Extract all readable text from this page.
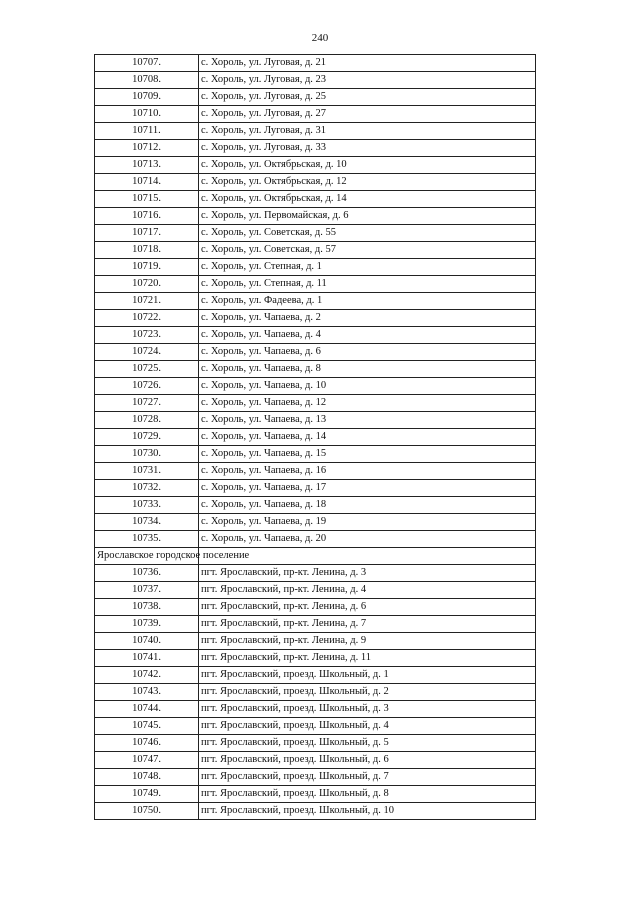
240
10707.	с. Хороль, ул. Луговая, д. 21
10708.	с. Хороль, ул. Луговая, д. 23
10709.	с. Хороль, ул. Луговая, д. 25
10710.	с. Хороль, ул. Луговая, д. 27
10711.	с. Хороль, ул. Луговая, д. 31
10712.	с. Хороль, ул. Луговая, д. 33
10713.	с. Хороль, ул. Октябрьская, д. 10
10714.	с. Хороль, ул. Октябрьская, д. 12
10715.	с. Хороль, ул. Октябрьская, д. 14
10716.	с. Хороль, ул. Первомайская, д. 6
10717.	с. Хороль, ул. Советская, д. 55
10718.	с. Хороль, ул. Советская, д. 57
10719.	с. Хороль, ул. Степная, д. 1
10720.	с. Хороль, ул. Степная, д. 11
10721.	с. Хороль, ул. Фадеева, д. 1
10722.	с. Хороль, ул. Чапаева, д. 2
10723.	с. Хороль, ул. Чапаева, д. 4
10724.	с. Хороль, ул. Чапаева, д. 6
10725.	с. Хороль, ул. Чапаева, д. 8
10726.	с. Хороль, ул. Чапаева, д. 10
10727.	с. Хороль, ул. Чапаева, д. 12
10728.	с. Хороль, ул. Чапаева, д. 13
10729.	с. Хороль, ул. Чапаева, д. 14
10730.	с. Хороль, ул. Чапаева, д. 15
10731.	с. Хороль, ул. Чапаева, д. 16
10732.	с. Хороль, ул. Чапаева, д. 17
10733.	с. Хороль, ул. Чапаева, д. 18
10734.	с. Хороль, ул. Чапаева, д. 19
10735.	с. Хороль, ул. Чапаева, д. 20
Ярославское городское поселение	
10736.	пгт. Ярославский, пр-кт. Ленина, д. 3
10737.	пгт. Ярославский, пр-кт. Ленина, д. 4
10738.	пгт. Ярославский, пр-кт. Ленина, д. 6
10739.	пгт. Ярославский, пр-кт. Ленина, д. 7
10740.	пгт. Ярославский, пр-кт. Ленина, д. 9
10741.	пгт. Ярославский, пр-кт. Ленина, д. 11
10742.	пгт. Ярославский, проезд. Школьный, д. 1
10743.	пгт. Ярославский, проезд. Школьный, д. 2
10744.	пгт. Ярославский, проезд. Школьный, д. 3
10745.	пгт. Ярославский, проезд. Школьный, д. 4
10746.	пгт. Ярославский, проезд. Школьный, д. 5
10747.	пгт. Ярославский, проезд. Школьный, д. 6
10748.	пгт. Ярославский, проезд. Школьный, д. 7
10749.	пгт. Ярославский, проезд. Школьный, д. 8
10750.	пгт. Ярославский, проезд. Школьный, д. 10
